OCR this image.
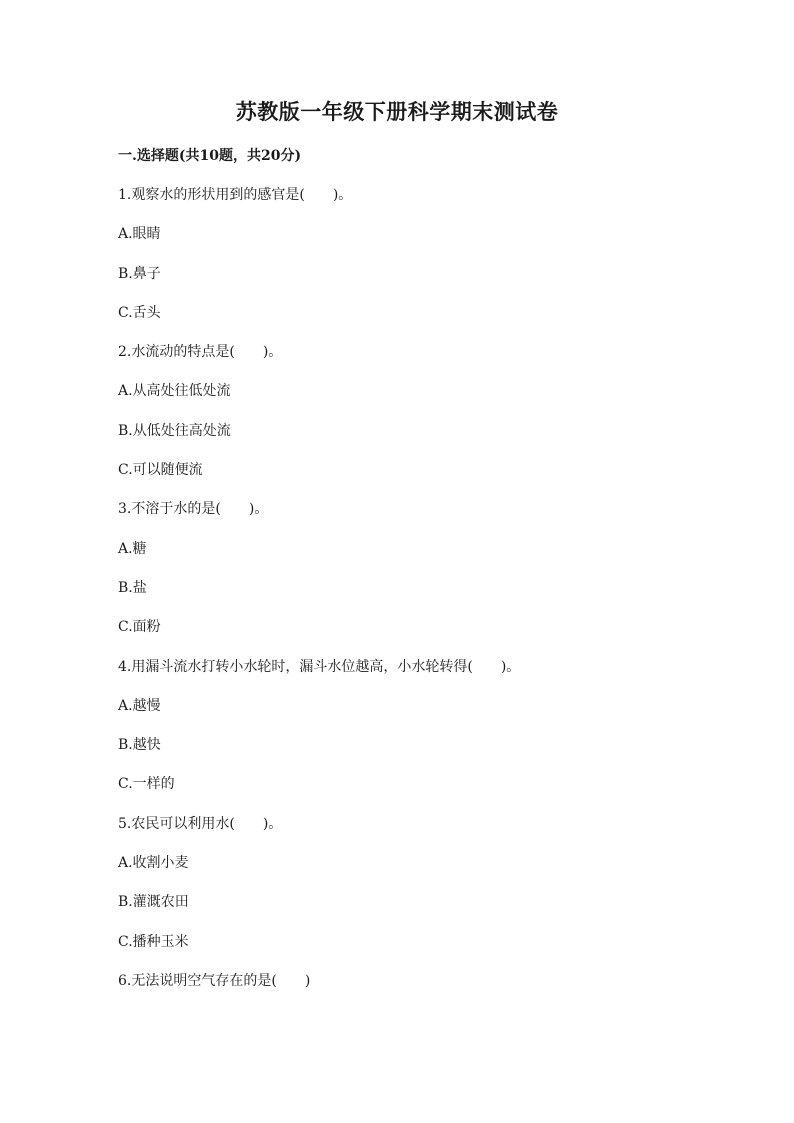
苏教版一年级下册科学期末测试卷
一.选择题(共10题，共20分)
1.观察水的形状用到的感官是(　　 )。
A.眼睛
B.鼻子
C.舌头
2.水流动的特点是(　　 )。
A.从高处往低处流
B.从低处往高处流
C.可以随便流
3.不溶于水的是(　　 )。
A.糖
B.盐
C.面粉
4.用漏斗流水打转小水轮时，漏斗水位越高，小水轮转得(　　 )。
A.越慢
B.越快
C.一样的
5.农民可以利用水(　　 )。
A.收割小麦
B.灌溉农田
C.播种玉米
6.无法说明空气存在的是(　　 )
